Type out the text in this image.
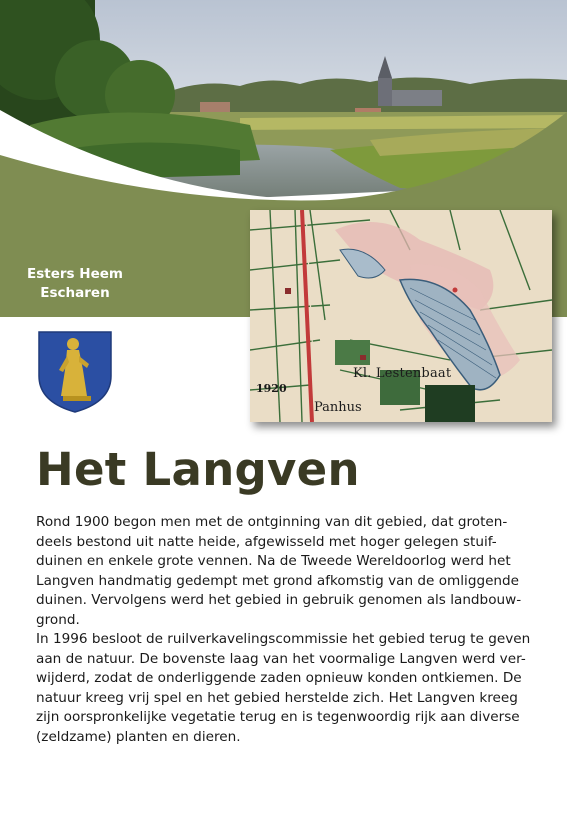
Esters Heem
Escharen
1920
Kl. Lestenbaat
Panhus
Het Langven
Rond 1900 begon men met de ontginning van dit gebied, dat groten-
deels bestond uit natte heide, afgewisseld met hoger gelegen stuif-
duinen en enkele grote vennen. Na de Tweede Wereldoorlog werd het
Langven handmatig gedempt met grond afkomstig van de omliggende
duinen. Vervolgens werd het gebied in gebruik genomen als landbouw-
grond.
In 1996 besloot de ruilverkavelingscommissie het gebied terug te geven
aan de natuur. De bovenste laag van het voormalige Langven werd ver-
wijderd, zodat de onderliggende zaden opnieuw konden ontkiemen. De
natuur kreeg vrij spel en het gebied herstelde zich. Het Langven kreeg
zijn oorspronkelijke vegetatie terug en is tegenwoordig rijk aan diverse
(zeldzame) planten en dieren.
